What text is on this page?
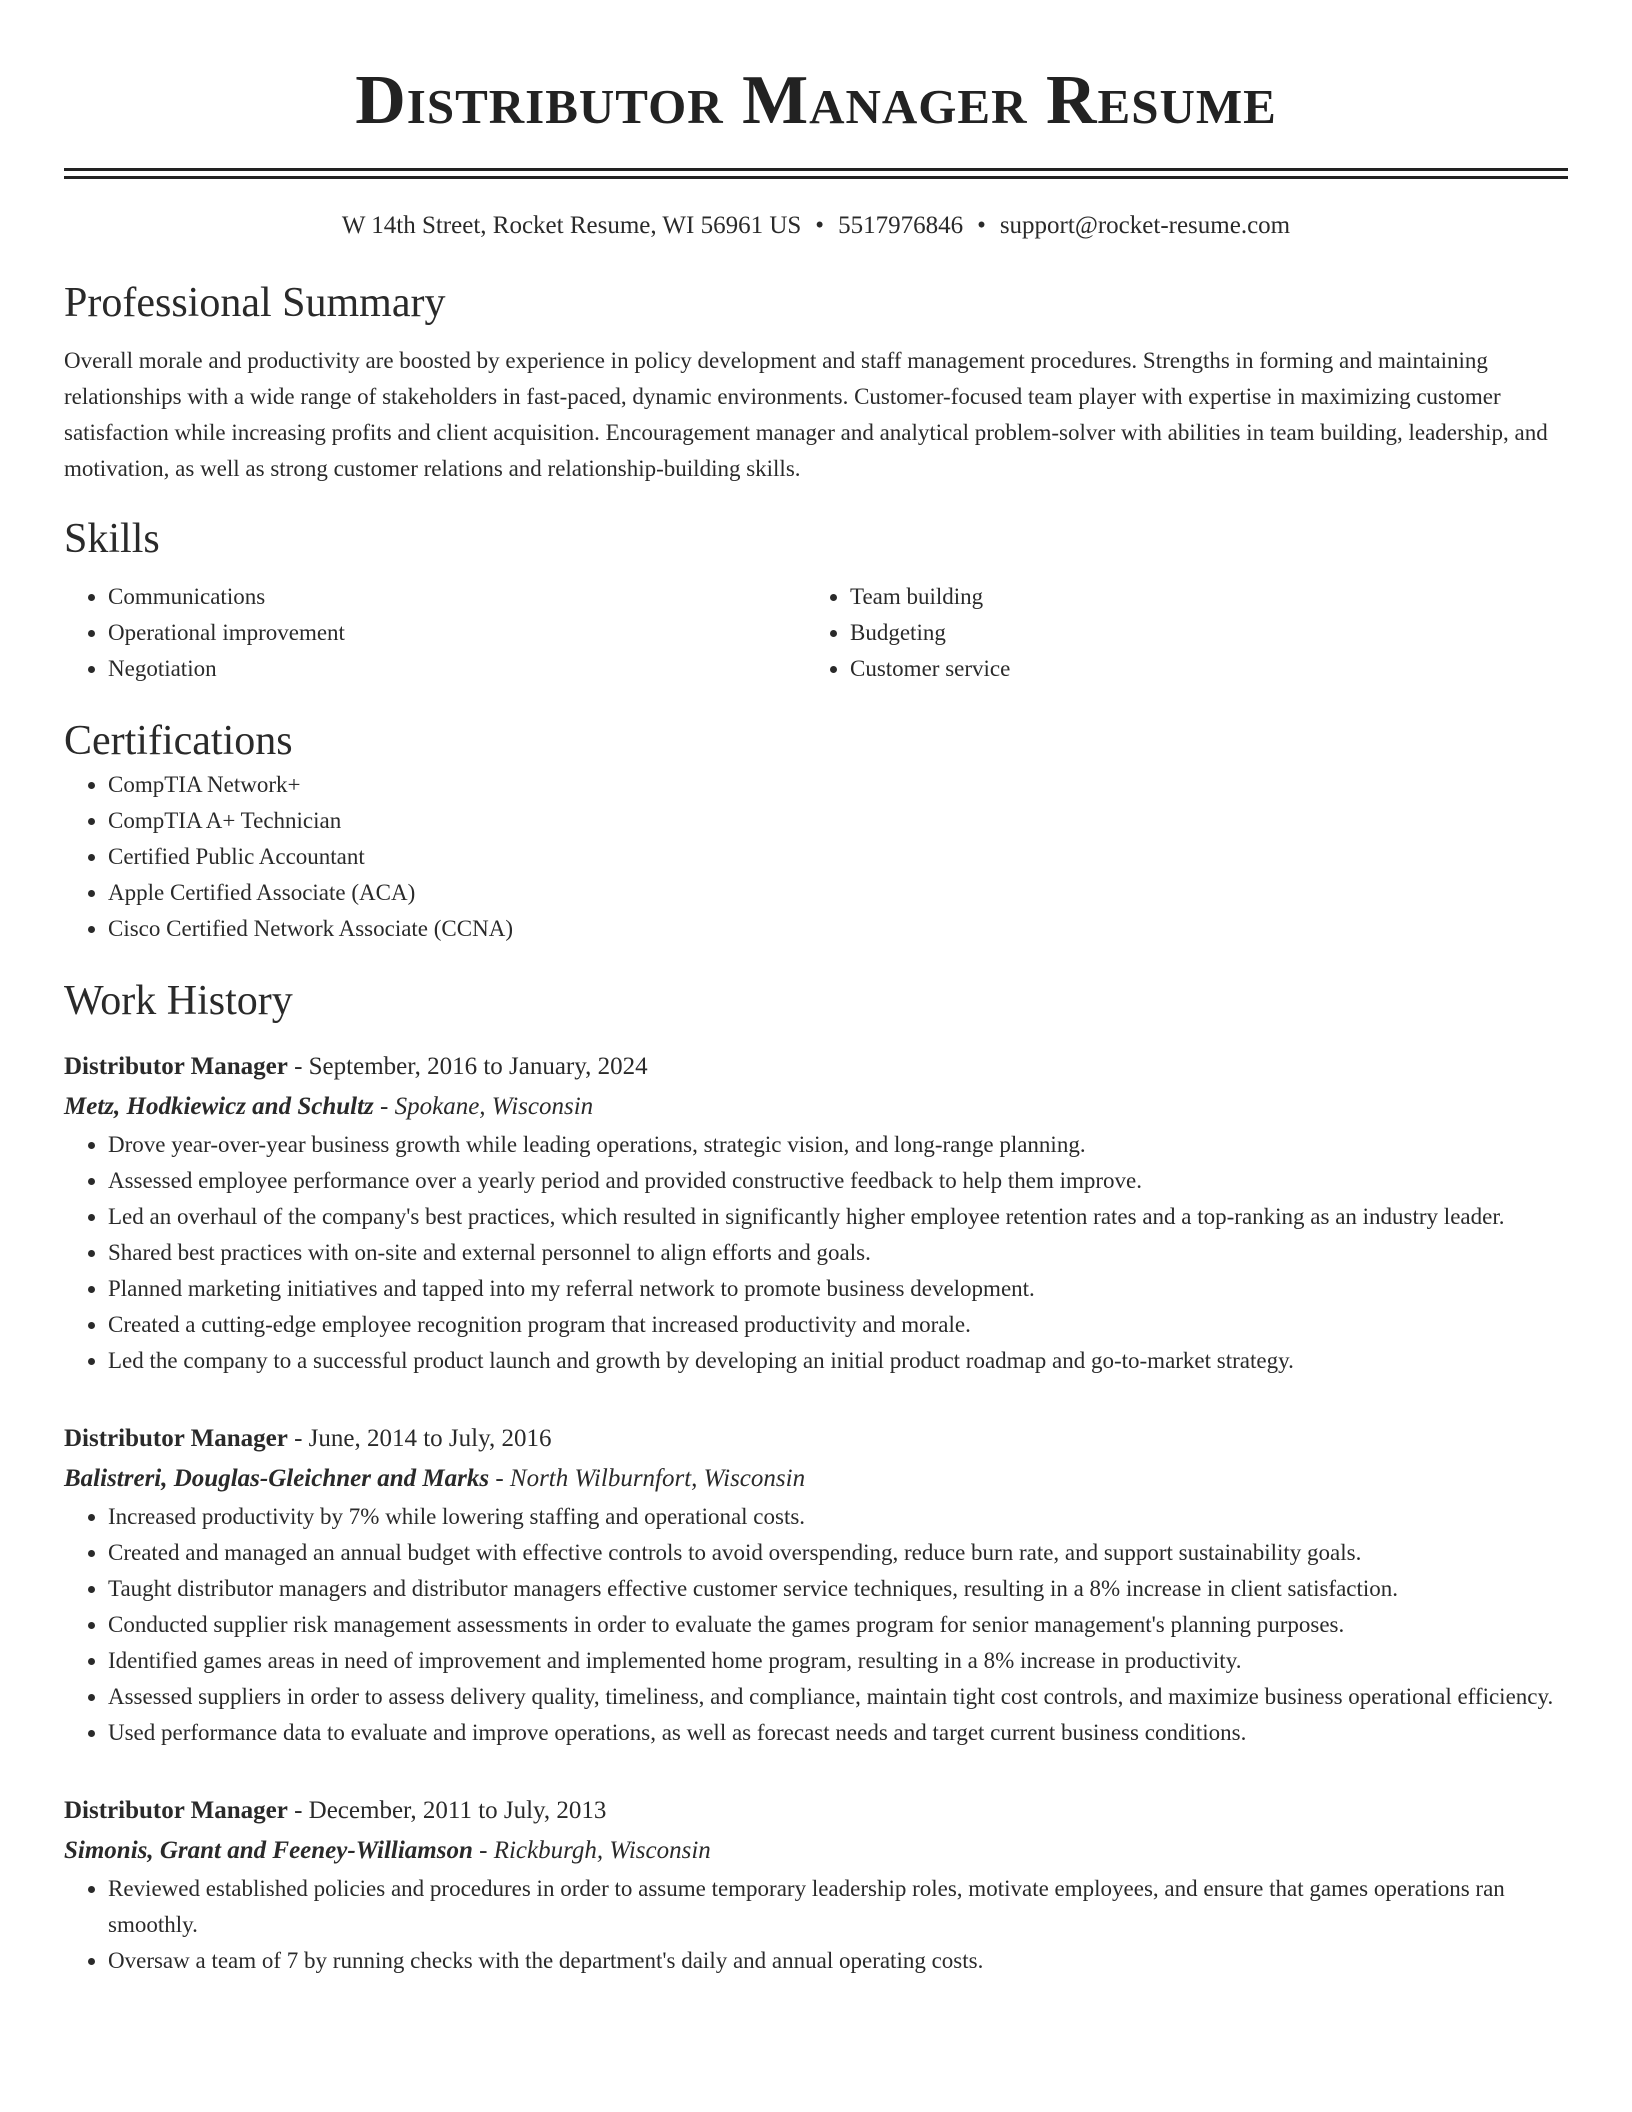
Distributor Manager Resume
W 14th Street, Rocket Resume, WI 56961 US • 5517976846 • support@rocket-resume.com
Professional Summary

Overall morale and productivity are boosted by experience in policy development and staff management procedures. Strengths in forming and maintaining relationships with a wide range of stakeholders in fast-paced, dynamic environments. Customer-focused team player with expertise in maximizing customer satisfaction while increasing profits and client acquisition. Encouragement manager and analytical problem-solver with abilities in team building, leadership, and motivation, as well as strong customer relations and relationship-building skills.

Skills
• Communications
• Operational improvement
• Negotiation
• Team building
• Budgeting
• Customer service
Certifications
• CompTIA Network+
• CompTIA A+ Technician
• Certified Public Accountant
• Apple Certified Associate (ACA)
• Cisco Certified Network Associate (CCNA)
Work History
Distributor Manager - September, 2016 to January, 2024
Metz, Hodkiewicz and Schultz - Spokane, Wisconsin
• Drove year-over-year business growth while leading operations, strategic vision, and long-range planning.
• Assessed employee performance over a yearly period and provided constructive feedback to help them improve.
• Led an overhaul of the company's best practices, which resulted in significantly higher employee retention rates and a top-ranking as an industry leader.
• Shared best practices with on-site and external personnel to align efforts and goals.
• Planned marketing initiatives and tapped into my referral network to promote business development.
• Created a cutting-edge employee recognition program that increased productivity and morale.
• Led the company to a successful product launch and growth by developing an initial product roadmap and go-to-market strategy.
Distributor Manager - June, 2014 to July, 2016
Balistreri, Douglas-Gleichner and Marks - North Wilburnfort, Wisconsin
• Increased productivity by 7% while lowering staffing and operational costs.
• Created and managed an annual budget with effective controls to avoid overspending, reduce burn rate, and support sustainability goals.
• Taught distributor managers and distributor managers effective customer service techniques, resulting in a 8% increase in client satisfaction.
• Conducted supplier risk management assessments in order to evaluate the games program for senior management's planning purposes.
• Identified games areas in need of improvement and implemented home program, resulting in a 8% increase in productivity.
• Assessed suppliers in order to assess delivery quality, timeliness, and compliance, maintain tight cost controls, and maximize business operational efficiency.
• Used performance data to evaluate and improve operations, as well as forecast needs and target current business conditions.
Distributor Manager - December, 2011 to July, 2013
Simonis, Grant and Feeney-Williamson - Rickburgh, Wisconsin
• Reviewed established policies and procedures in order to assume temporary leadership roles, motivate employees, and ensure that games operations ran smoothly.
• Oversaw a team of 7 by running checks with the department's daily and annual operating costs.
